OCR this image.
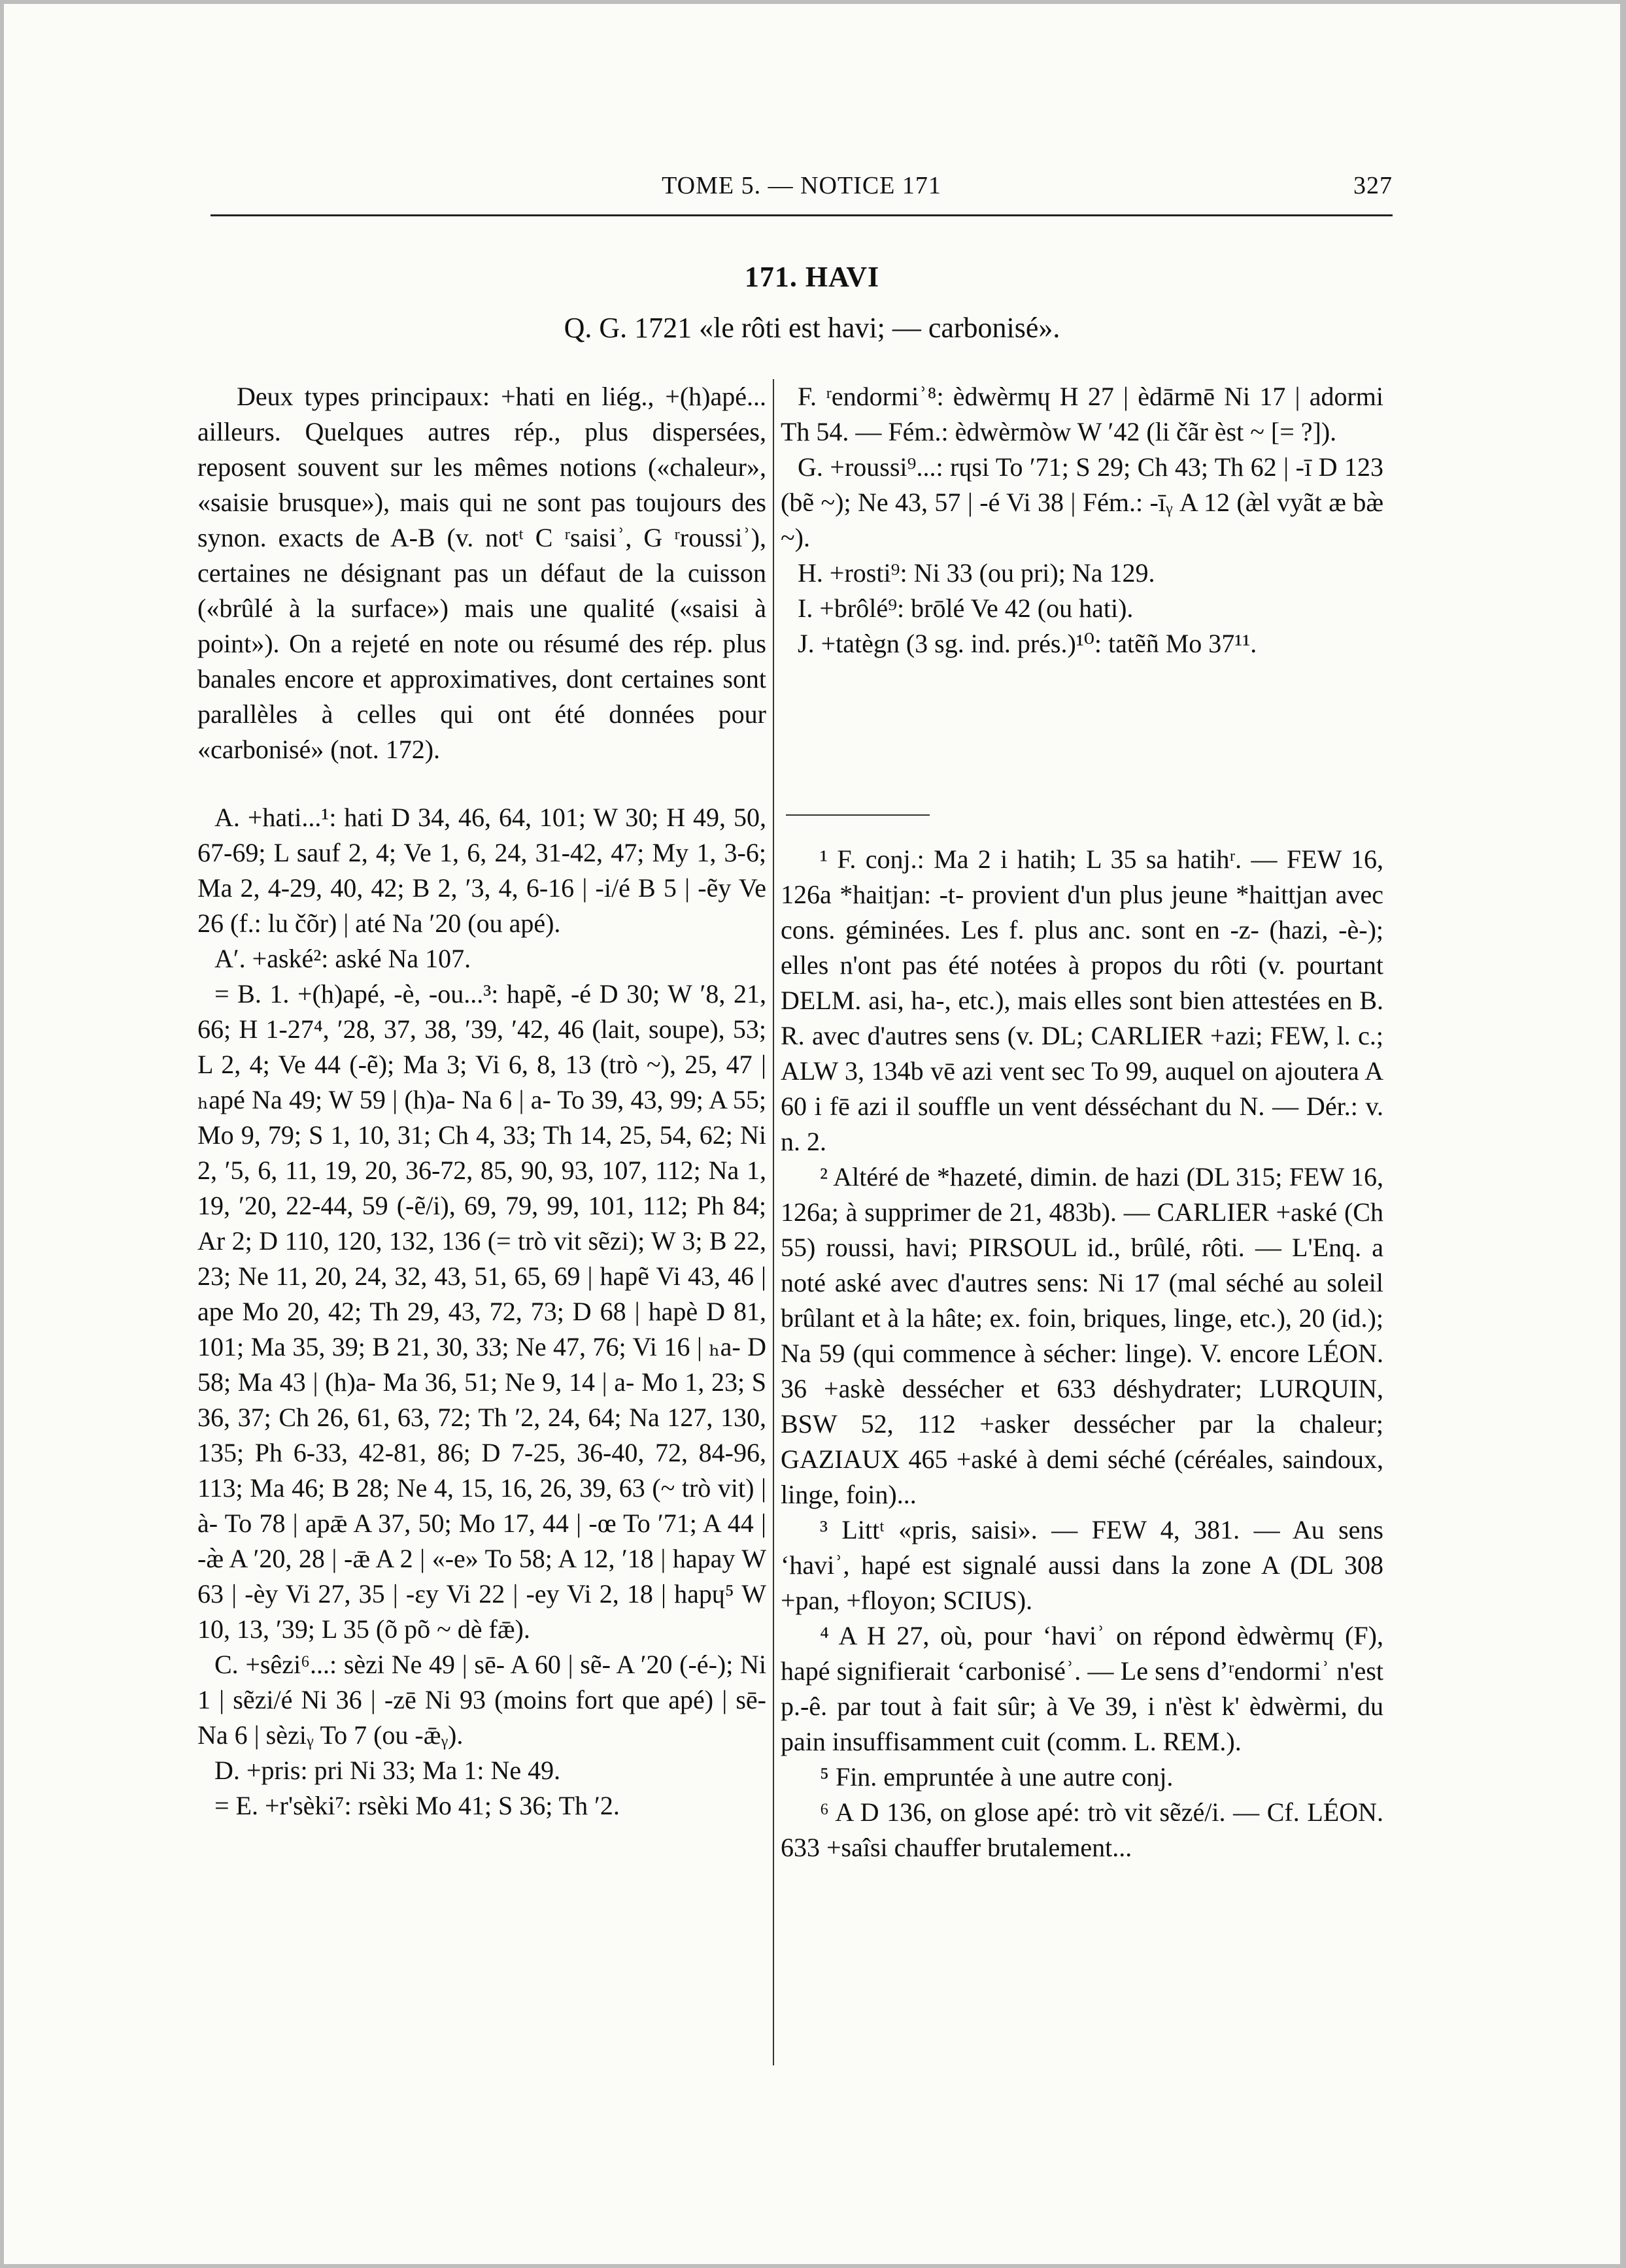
TOME 5. — NOTICE 171	327
171. HAVI
Q. G. 1721 «le rôti est havi; — carbonisé».

Deux types principaux: +hati en liég., +(h)apé... ailleurs. Quelques autres rép., plus dispersées, reposent souvent sur les mêmes notions («chaleur», «saisie brusque»), mais qui ne sont pas toujours des synon. exacts de A-B (v. notᵗ C ʳsaisiʾ, G ʳroussiʾ), certaines ne désignant pas un défaut de la cuisson («brûlé à la surface») mais une qualité («saisi à point»). On a rejeté en note ou résumé des rép. plus banales encore et approximatives, dont certaines sont parallèles à celles qui ont été données pour «carbonisé» (not. 172).

A. +hati...¹: hati D 34, 46, 64, 101; W 30; H 49, 50, 67-69; L sauf 2, 4; Ve 1, 6, 24, 31-42, 47; My 1, 3-6; Ma 2, 4-29, 40, 42; B 2, ′3, 4, 6-16 | -i/é B 5 | -ẽy Ve 26 (f.: lu čõr) | até Na ′20 (ou apé).

A′. +aské²: aské Na 107.

= B. 1. +(h)apé, -è, -ou...³: hapẽ, -é D 30; W ′8, 21, 66; H 1-27⁴, ′28, 37, 38, ′39, ′42, 46 (lait, soupe), 53; L 2, 4; Ve 44 (-ẽ); Ma 3; Vi 6, 8, 13 (trò ~), 25, 47 | ₕapé Na 49; W 59 | (h)a- Na 6 | a- To 39, 43, 99; A 55; Mo 9, 79; S 1, 10, 31; Ch 4, 33; Th 14, 25, 54, 62; Ni 2, ′5, 6, 11, 19, 20, 36-72, 85, 90, 93, 107, 112; Na 1, 19, ′20, 22-44, 59 (-ẽ/i), 69, 79, 99, 101, 112; Ph 84; Ar 2; D 110, 120, 132, 136 (= trò vit sẽzi); W 3; B 22, 23; Ne 11, 20, 24, 32, 43, 51, 65, 69 | hapẽ Vi 43, 46 | ape Mo 20, 42; Th 29, 43, 72, 73; D 68 | hapè D 81, 101; Ma 35, 39; B 21, 30, 33; Ne 47, 76; Vi 16 | ₕa- D 58; Ma 43 | (h)a- Ma 36, 51; Ne 9, 14 | a- Mo 1, 23; S 36, 37; Ch 26, 61, 63, 72; Th ′2, 24, 64; Na 127, 130, 135; Ph 6-33, 42-81, 86; D 7-25, 36-40, 72, 84-96, 113; Ma 46; B 28; Ne 4, 15, 16, 26, 39, 63 (~ trò vit) | à- To 78 | apǣ A 37, 50; Mo 17, 44 | -œ To ′71; A 44 | -æ̀ A ′20, 28 | -ǣ A 2 | «-e» To 58; A 12, ′18 | hapay W 63 | -èy Vi 27, 35 | -ɛy Vi 22 | -ey Vi 2, 18 | hapɥ⁵ W 10, 13, ′39; L 35 (õ põ ~ dè fǣ).

C. +sêzi⁶...: sèzi Ne 49 | sē- A 60 | sẽ- A ′20 (-é-); Ni 1 | sẽzi/é Ni 36 | -zē Ni 93 (moins fort que apé) | sē- Na 6 | sèziᵧ To 7 (ou -ǣᵧ).

D. +pris: pri Ni 33; Ma 1: Ne 49.

= E. +r'sèki⁷: rsèki Mo 41; S 36; Th ′2.

F. ʳendormiʾ⁸: èdwèrmɥ H 27 | èdārmē Ni 17 | adormi Th 54. — Fém.: èdwèrmòw W ′42 (li čãr èst ~ [= ?]).

G. +roussi⁹...: rɥsi To ′71; S 29; Ch 43; Th 62 | -ī D 123 (bẽ ~); Ne 43, 57 | -é Vi 38 | Fém.: -īᵧ A 12 (æ̀l vyãt æ bæ̀ ~).

H. +rosti⁹: Ni 33 (ou pri); Na 129.

I. +brôlé⁹: brōlé Ve 42 (ou hati).

J. +tatègn (3 sg. ind. prés.)¹⁰: tatẽñ Mo 37¹¹.

¹ F. conj.: Ma 2 i hatih; L 35 sa hatihʳ. — FEW 16, 126a *haitjan: -t- provient d'un plus jeune *haittjan avec cons. géminées. Les f. plus anc. sont en -z- (hazi, -è-); elles n'ont pas été notées à propos du rôti (v. pourtant DELM. asi, ha-, etc.), mais elles sont bien attestées en B. R. avec d'autres sens (v. DL; CARLIER +azi; FEW, l. c.; ALW 3, 134b vē azi vent sec To 99, auquel on ajoutera A 60 i fē azi il souffle un vent désséchant du N. — Dér.: v. n. 2.

² Altéré de *hazeté, dimin. de hazi (DL 315; FEW 16, 126a; à supprimer de 21, 483b). — CARLIER +aské (Ch 55) roussi, havi; PIRSOUL id., brûlé, rôti. — L'Enq. a noté aské avec d'autres sens: Ni 17 (mal séché au soleil brûlant et à la hâte; ex. foin, briques, linge, etc.), 20 (id.); Na 59 (qui commence à sécher: linge). V. encore LÉON. 36 +askè dessécher et 633 déshydrater; LURQUIN, BSW 52, 112 +asker dessécher par la chaleur; GAZIAUX 465 +aské à demi séché (céréales, saindoux, linge, foin)...

³ Littᵗ «pris, saisi». — FEW 4, 381. — Au sens ʻhaviʾ, hapé est signalé aussi dans la zone A (DL 308 +pan, +floyon; SCIUS).

⁴ A H 27, où, pour ʻhaviʾ on répond èdwèrmɥ (F), hapé signifierait ʻcarboniséʾ. — Le sens dʼʳendormiʾ n'est p.-ê. par tout à fait sûr; à Ve 39, i n'èst k' èdwèrmi, du pain insuffisamment cuit (comm. L. REM.).

⁵ Fin. empruntée à une autre conj.

⁶ A D 136, on glose apé: trò vit sẽzé/i. — Cf. LÉON. 633 +saîsi chauffer brutalement...
